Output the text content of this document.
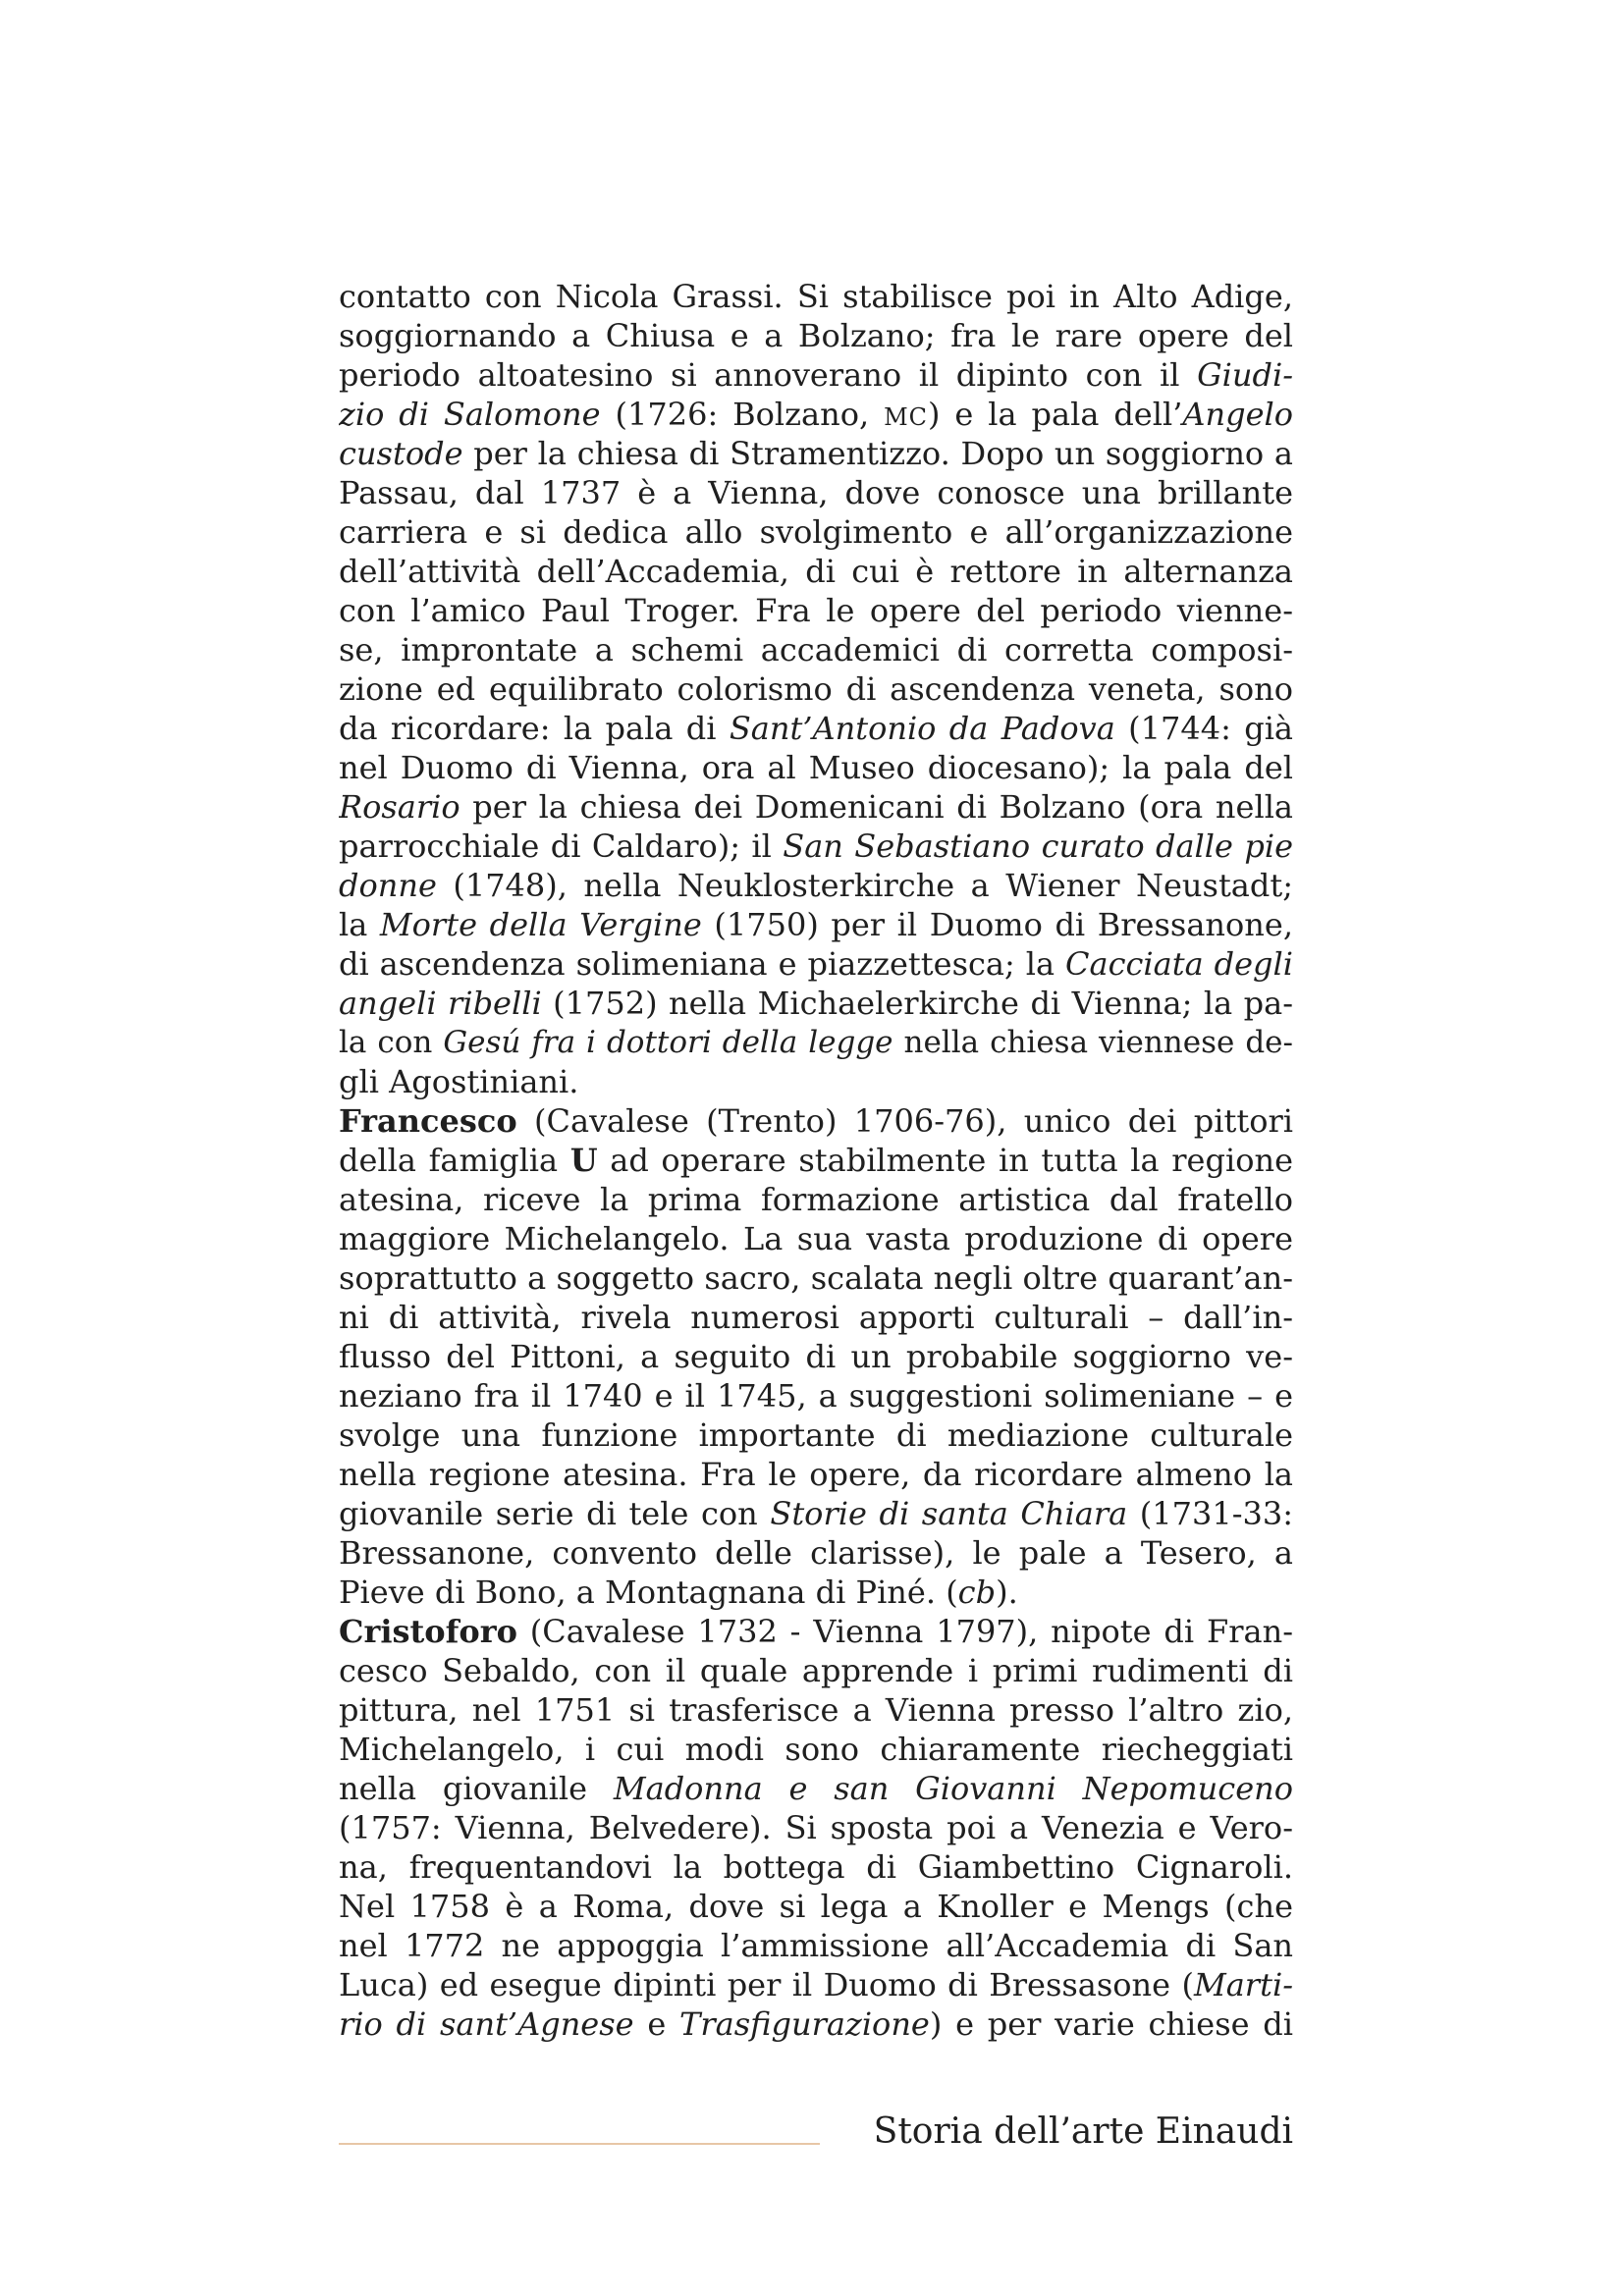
contatto con Nicola Grassi. Si stabilisce poi in Alto Adige,
soggiornando a Chiusa e a Bolzano; fra le rare opere del
periodo altoatesino si annoverano il dipinto con il Giudi-
zio di Salomone (1726: Bolzano, MC) e la pala dell’Angelo
custode per la chiesa di Stramentizzo. Dopo un soggiorno a
Passau, dal 1737 è a Vienna, dove conosce una brillante
carriera e si dedica allo svolgimento e all’organizzazione
dell’attività dell’Accademia, di cui è rettore in alternanza
con l’amico Paul Troger. Fra le opere del periodo vienne-
se, improntate a schemi accademici di corretta composi-
zione ed equilibrato colorismo di ascendenza veneta, sono
da ricordare: la pala di Sant’Antonio da Padova (1744: già
nel Duomo di Vienna, ora al Museo diocesano); la pala del
Rosario per la chiesa dei Domenicani di Bolzano (ora nella
parrocchiale di Caldaro); il San Sebastiano curato dalle pie
donne (1748), nella Neuklosterkirche a Wiener Neustadt;
la Morte della Vergine (1750) per il Duomo di Bressanone,
di ascendenza solimeniana e piazzettesca; la Cacciata degli
angeli ribelli (1752) nella Michaelerkirche di Vienna; la pa-
la con Gesú fra i dottori della legge nella chiesa viennese de-
gli Agostiniani.
Francesco (Cavalese (Trento) 1706-76), unico dei pittori
della famiglia U ad operare stabilmente in tutta la regione
atesina, riceve la prima formazione artistica dal fratello
maggiore Michelangelo. La sua vasta produzione di opere
soprattutto a soggetto sacro, scalata negli oltre quarant’an-
ni di attività, rivela numerosi apporti culturali – dall’in-
flusso del Pittoni, a seguito di un probabile soggiorno ve-
neziano fra il 1740 e il 1745, a suggestioni solimeniane – e
svolge una funzione importante di mediazione culturale
nella regione atesina. Fra le opere, da ricordare almeno la
giovanile serie di tele con Storie di santa Chiara (1731-33:
Bressanone, convento delle clarisse), le pale a Tesero, a
Pieve di Bono, a Montagnana di Piné. (cb).
Cristoforo (Cavalese 1732 - Vienna 1797), nipote di Fran-
cesco Sebaldo, con il quale apprende i primi rudimenti di
pittura, nel 1751 si trasferisce a Vienna presso l’altro zio,
Michelangelo, i cui modi sono chiaramente riecheggiati
nella giovanile Madonna e san Giovanni Nepomuceno
(1757: Vienna, Belvedere). Si sposta poi a Venezia e Vero-
na, frequentandovi la bottega di Giambettino Cignaroli.
Nel 1758 è a Roma, dove si lega a Knoller e Mengs (che
nel 1772 ne appoggia l’ammissione all’Accademia di San
Luca) ed esegue dipinti per il Duomo di Bressasone (Marti-
rio di sant’Agnese e Trasfigurazione) e per varie chiese di
Storia dell’arte Einaudi
